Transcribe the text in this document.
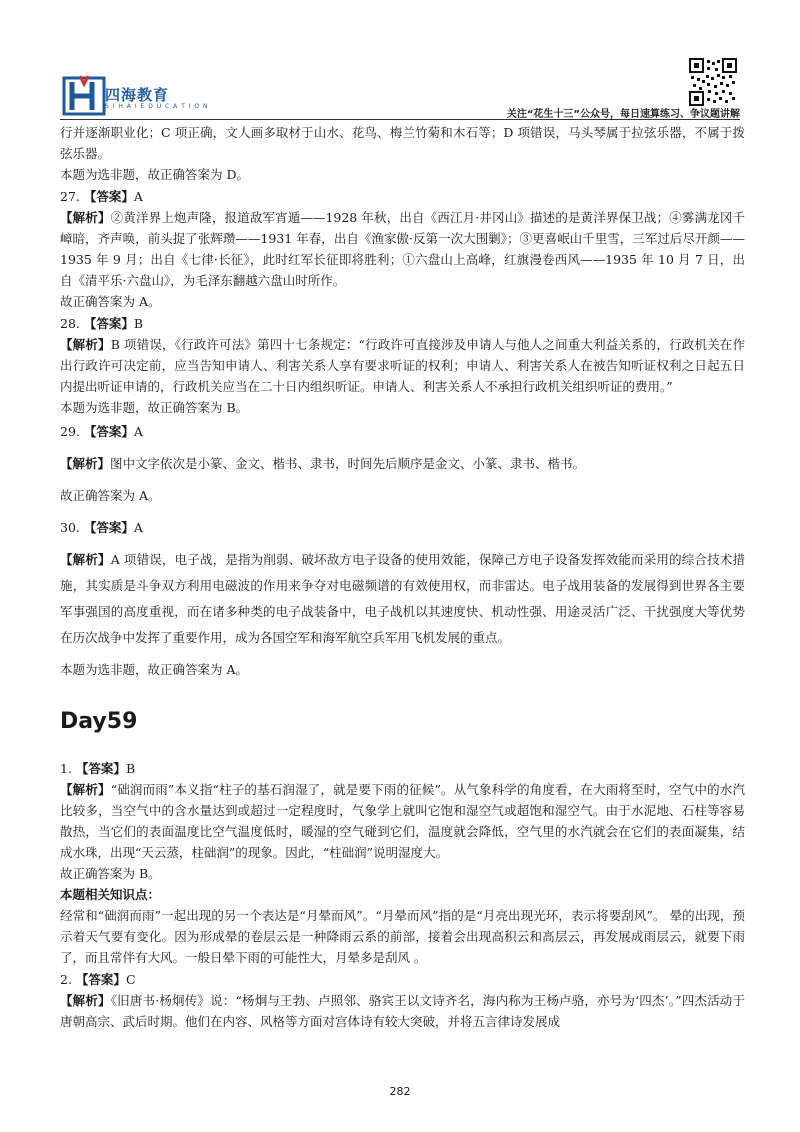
四海教育
S I H A I E D U C A T I O N
关注“花生十三”公众号，每日速算练习、争议题讲解

行并逐渐职业化；C 项正确，文人画多取材于山水、花鸟、梅兰竹菊和木石等；D 项错误，马头琴属于拉弦乐器，不属于拨弦乐器。

本题为选非题，故正确答案为 D。

27. 【答案】A

【解析】②黄洋界上炮声隆，报道敌军宵遁——1928 年秋，出自《西江月·井冈山》描述的是黄洋界保卫战；④雾满龙冈千嶂暗，齐声唤，前头捉了张辉瓒——1931 年春，出自《渔家傲·反第一次大围剿》；③更喜岷山千里雪，三军过后尽开颜——1935 年 9 月；出自《七律·长征》，此时红军长征即将胜利；①六盘山上高峰，红旗漫卷西风——1935 年 10 月 7 日，出自《清平乐·六盘山》，为毛泽东翻越六盘山时所作。

故正确答案为 A。

28. 【答案】B

【解析】B 项错误，《行政许可法》第四十七条规定：“行政许可直接涉及申请人与他人之间重大利益关系的，行政机关在作出行政许可决定前，应当告知申请人、利害关系人享有要求听证的权利；申请人、利害关系人在被告知听证权利之日起五日内提出听证申请的，行政机关应当在二十日内组织听证。申请人、利害关系人不承担行政机关组织听证的费用。”

本题为选非题，故正确答案为 B。

29. 【答案】A

【解析】图中文字依次是小篆、金文、楷书、隶书，时间先后顺序是金文、小篆、隶书、楷书。

故正确答案为 A。

30. 【答案】A

【解析】A 项错误，电子战，是指为削弱、破坏敌方电子设备的使用效能，保障己方电子设备发挥效能而采用的综合技术措施，其实质是斗争双方利用电磁波的作用来争夺对电磁频谱的有效使用权，而非雷达。电子战用装备的发展得到世界各主要军事强国的高度重视，而在诸多种类的电子战装备中，电子战机以其速度快、机动性强、用途灵活广泛、干扰强度大等优势在历次战争中发挥了重要作用，成为各国空军和海军航空兵军用飞机发展的重点。

本题为选非题，故正确答案为 A。

Day59

1. 【答案】B

【解析】“础润而雨”本义指“柱子的基石润湿了，就是要下雨的征候”。从气象科学的角度看，在大雨将至时，空气中的水汽比较多，当空气中的含水量达到或超过一定程度时，气象学上就叫它饱和湿空气或超饱和湿空气。由于水泥地、石柱等容易散热，当它们的表面温度比空气温度低时，暖湿的空气碰到它们，温度就会降低，空气里的水汽就会在它们的表面凝集，结成水珠，出现“天云蒸，柱础润”的现象。因此，“柱础润”说明湿度大。

故正确答案为 B。

本题相关知识点：

经常和“础润而雨”一起出现的另一个表达是“月晕而风”。“月晕而风”指的是“月亮出现光环，表示将要刮风”。 晕的出现，预示着天气要有变化。因为形成晕的卷层云是一种降雨云系的前部，接着会出现高积云和高层云，再发展成雨层云，就要下雨了，而且常伴有大风。一般日晕下雨的可能性大，月晕多是刮风 。

2. 【答案】C

【解析】《旧唐书·杨炯传》说：“杨炯与王勃、卢照邻、骆宾王以文诗齐名，海内称为王杨卢骆，亦号为‘四杰’。”四杰活动于唐朝高宗、武后时期。他们在内容、风格等方面对宫体诗有较大突破，并将五言律诗发展成

282
